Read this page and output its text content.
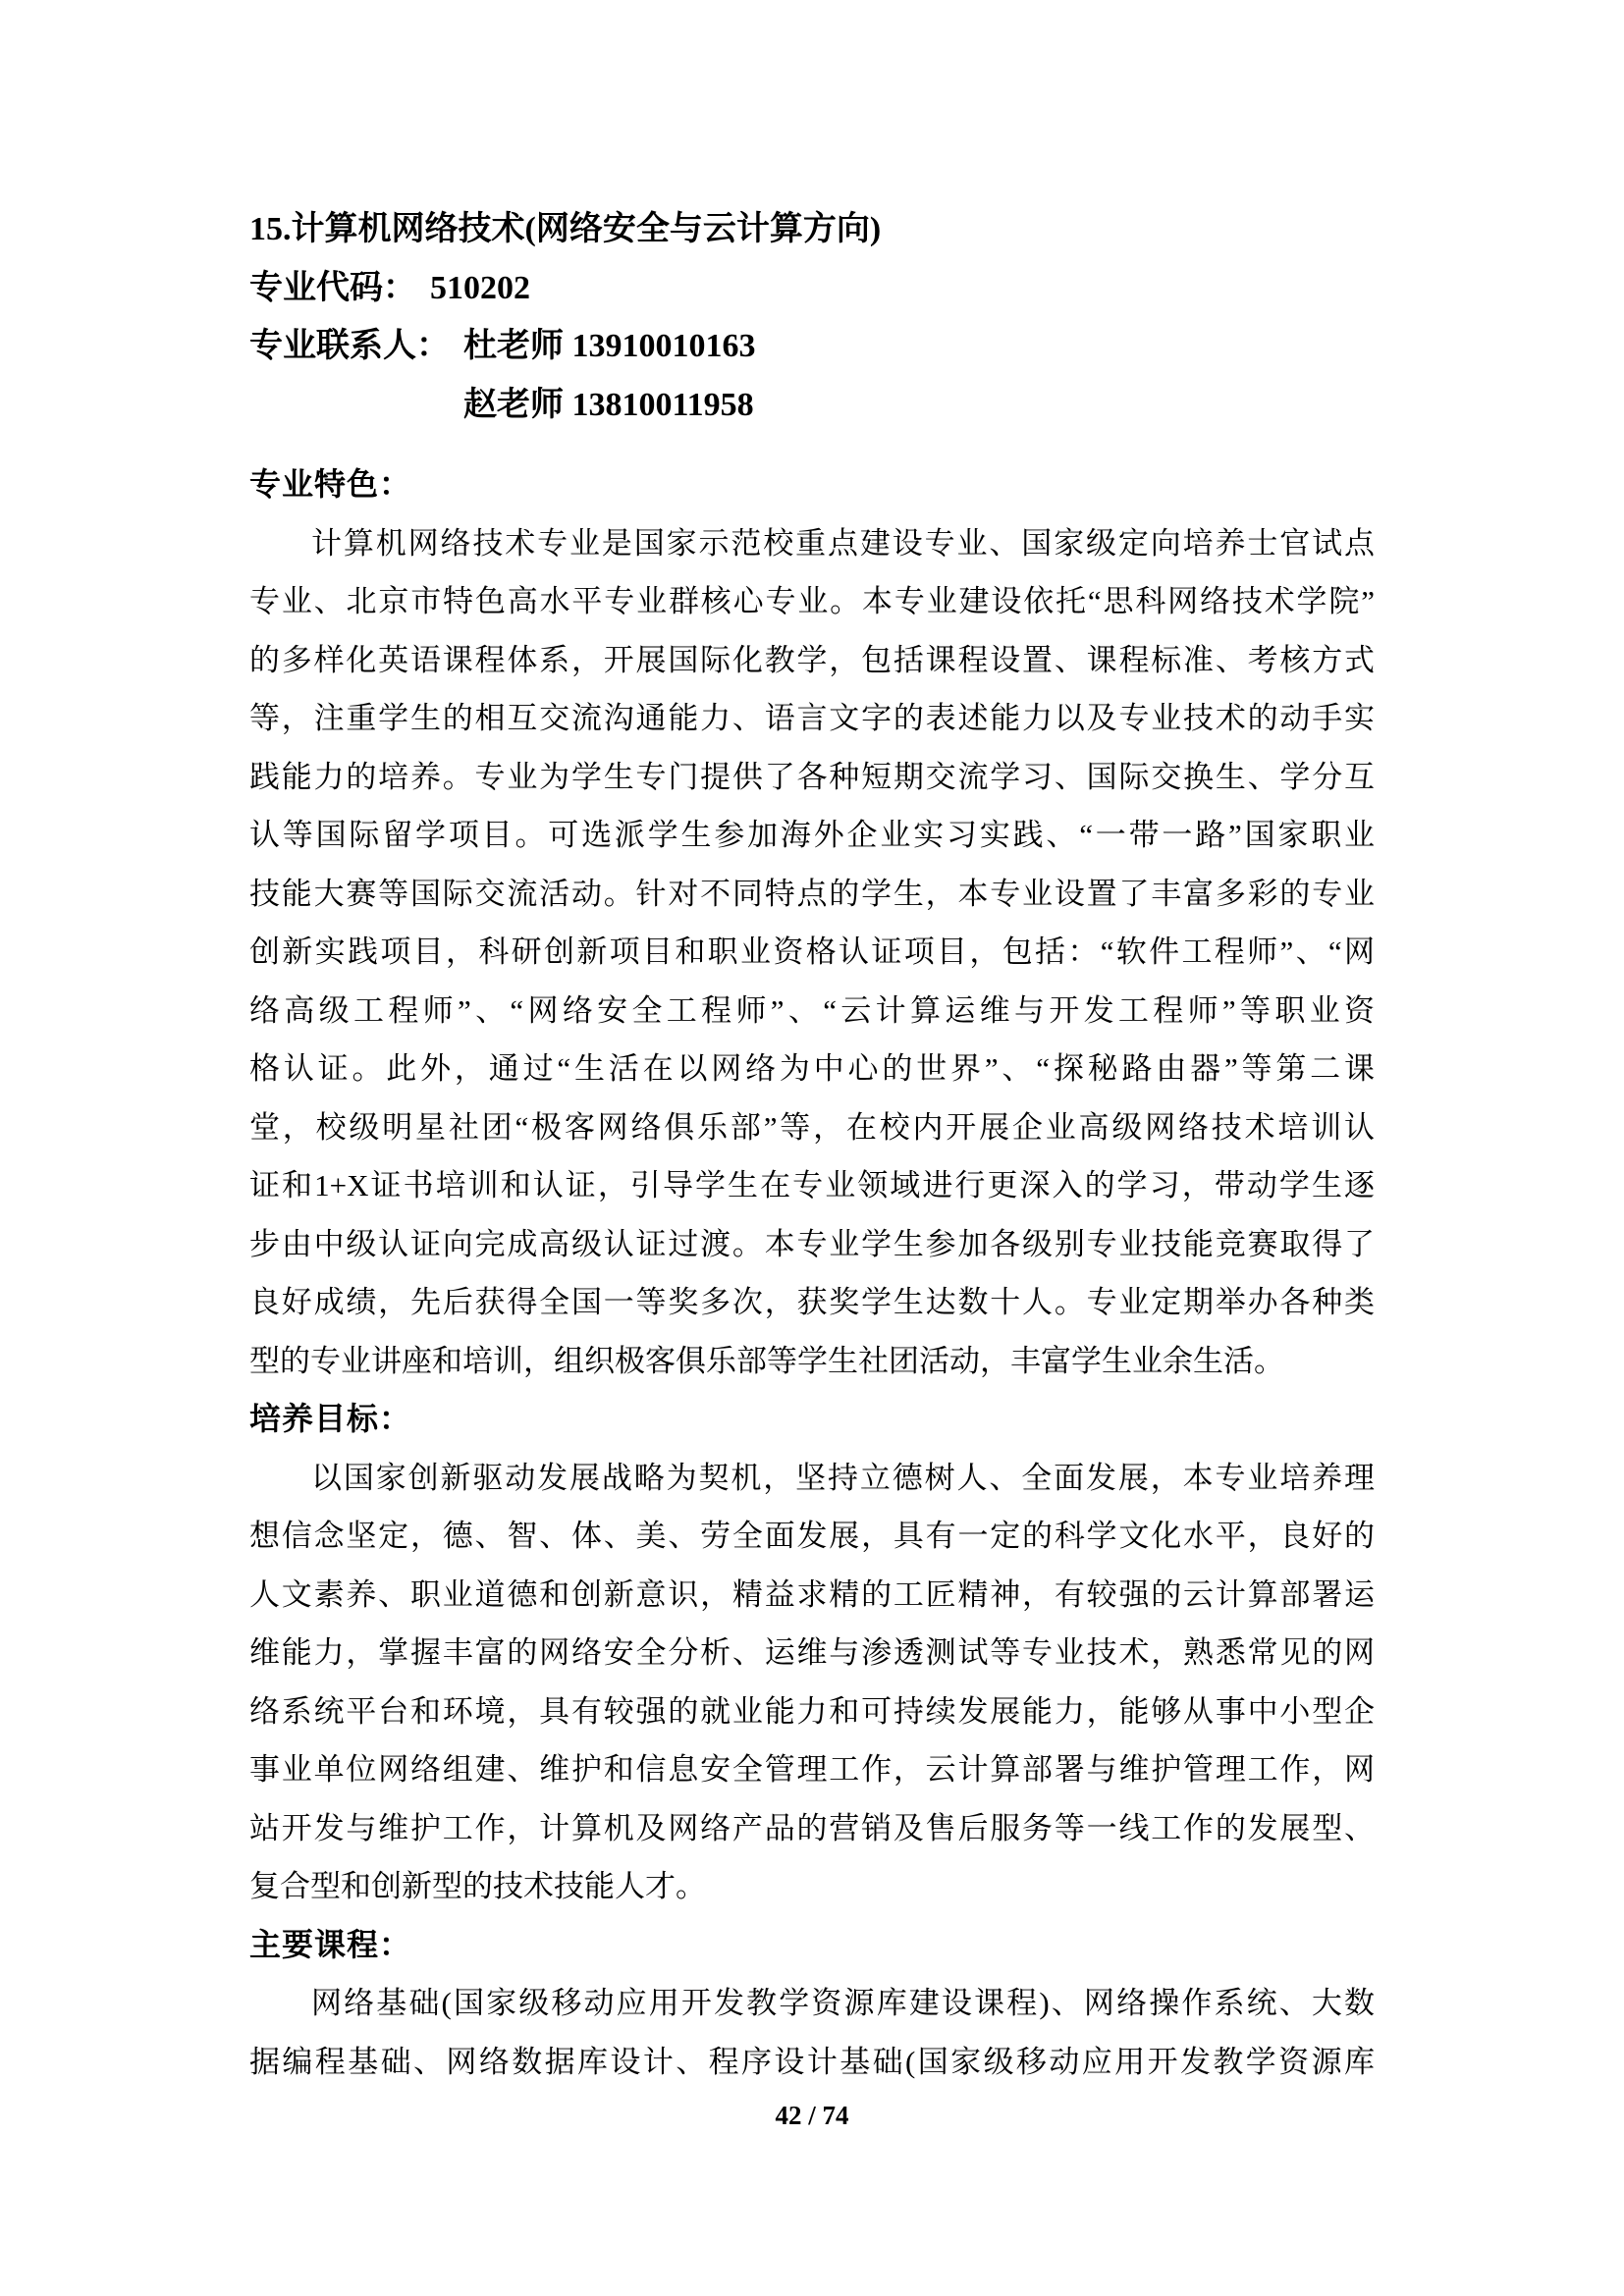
15.计算机网络技术(网络安全与云计算方向)
专业代码： 510202
专业联系人： 杜老师 13910010163
赵老师 13810011958
专业特色：
计算机网络技术专业是国家示范校重点建设专业、国家级定向培养士官试点
专业、北京市特色高水平专业群核心专业。本专业建设依托“思科网络技术学院”
的多样化英语课程体系，开展国际化教学，包括课程设置、课程标准、考核方式
等，注重学生的相互交流沟通能力、语言文字的表述能力以及专业技术的动手实
践能力的培养。专业为学生专门提供了各种短期交流学习、国际交换生、学分互
认等国际留学项目。可选派学生参加海外企业实习实践、“一带一路”国家职业
技能大赛等国际交流活动。针对不同特点的学生，本专业设置了丰富多彩的专业
创新实践项目，科研创新项目和职业资格认证项目，包括：“软件工程师”、“网
络高级工程师”、“网络安全工程师”、“云计算运维与开发工程师”等职业资
格认证。此外，通过“生活在以网络为中心的世界”、“探秘路由器”等第二课
堂，校级明星社团“极客网络俱乐部”等，在校内开展企业高级网络技术培训认
证和1+X证书培训和认证，引导学生在专业领域进行更深入的学习，带动学生逐
步由中级认证向完成高级认证过渡。本专业学生参加各级别专业技能竞赛取得了
良好成绩，先后获得全国一等奖多次，获奖学生达数十人。专业定期举办各种类
型的专业讲座和培训，组织极客俱乐部等学生社团活动，丰富学生业余生活。
培养目标：
以国家创新驱动发展战略为契机，坚持立德树人、全面发展，本专业培养理
想信念坚定，德、智、体、美、劳全面发展，具有一定的科学文化水平，良好的
人文素养、职业道德和创新意识，精益求精的工匠精神，有较强的云计算部署运
维能力，掌握丰富的网络安全分析、运维与渗透测试等专业技术，熟悉常见的网
络系统平台和环境，具有较强的就业能力和可持续发展能力，能够从事中小型企
事业单位网络组建、维护和信息安全管理工作，云计算部署与维护管理工作，网
站开发与维护工作，计算机及网络产品的营销及售后服务等一线工作的发展型、
复合型和创新型的技术技能人才。
主要课程：
网络基础(国家级移动应用开发教学资源库建设课程)、网络操作系统、大数
据编程基础、网络数据库设计、程序设计基础(国家级移动应用开发教学资源库
42 / 74
